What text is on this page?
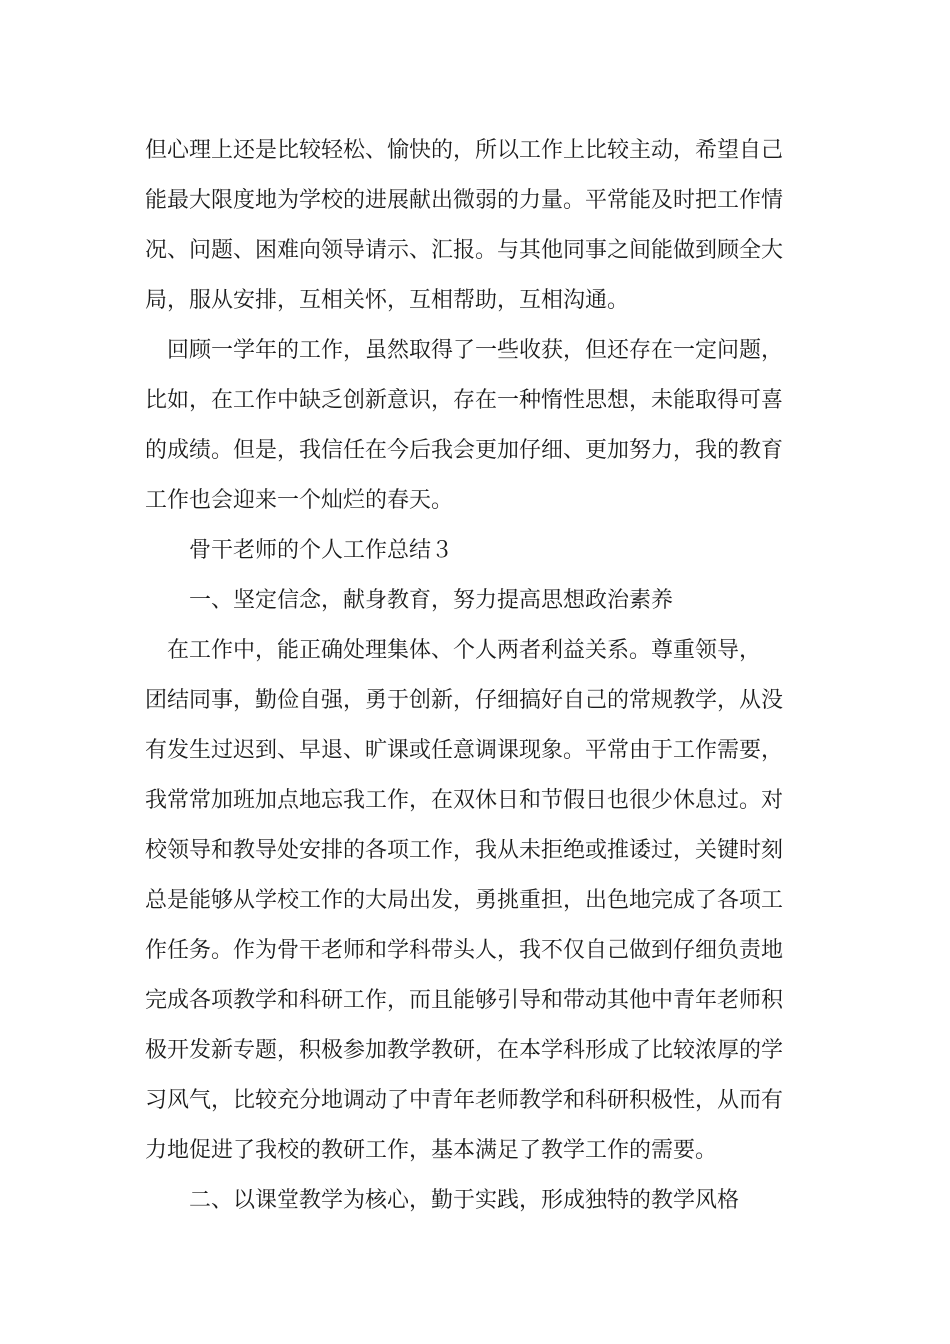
但心理上还是比较轻松、愉快的，所以工作上比较主动，希望自己

能最大限度地为学校的进展献出微弱的力量。平常能及时把工作情

况、问题、困难向领导请示、汇报。与其他同事之间能做到顾全大

局，服从安排，互相关怀，互相帮助，互相沟通。

　回顾一学年的工作，虽然取得了一些收获，但还存在一定问题，

比如，在工作中缺乏创新意识，存在一种惰性思想，未能取得可喜

的成绩。但是，我信任在今后我会更加仔细、更加努力，我的教育

工作也会迎来一个灿烂的春天。

　　骨干老师的个人工作总结３

　　一、坚定信念，献身教育，努力提高思想政治素养

　在工作中，能正确处理集体、个人两者利益关系。尊重领导，

团结同事，勤俭自强，勇于创新，仔细搞好自己的常规教学，从没

有发生过迟到、早退、旷课或任意调课现象。平常由于工作需要，

我常常加班加点地忘我工作，在双休日和节假日也很少休息过。对

校领导和教导处安排的各项工作，我从未拒绝或推诿过，关键时刻

总是能够从学校工作的大局出发，勇挑重担，出色地完成了各项工

作任务。作为骨干老师和学科带头人，我不仅自己做到仔细负责地

完成各项教学和科研工作，而且能够引导和带动其他中青年老师积

极开发新专题，积极参加教学教研，在本学科形成了比较浓厚的学

习风气，比较充分地调动了中青年老师教学和科研积极性，从而有

力地促进了我校的教研工作，基本满足了教学工作的需要。

　　二、以课堂教学为核心，勤于实践，形成独特的教学风格
